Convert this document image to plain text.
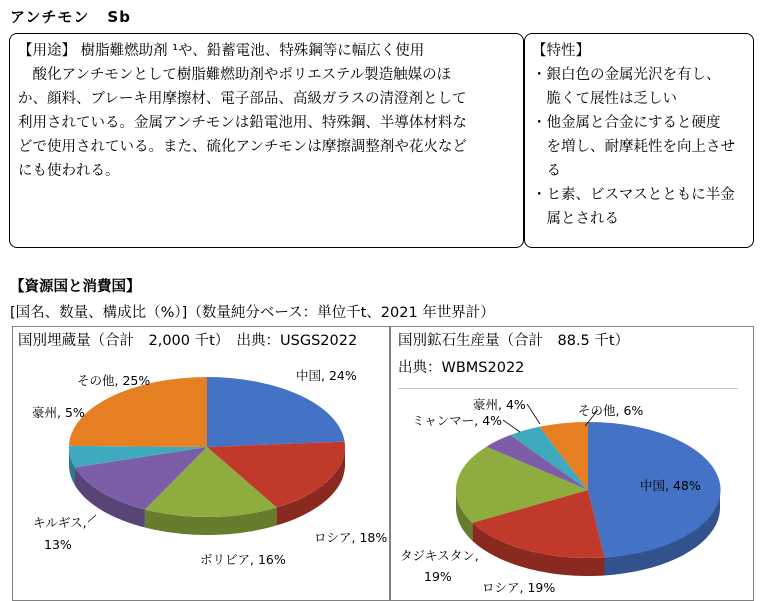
アンチモン Sb
【用途】 樹脂難燃助剤 ¹や、鉛蓄電池、特殊鋼等に幅広く使用
　酸化アンチモンとして樹脂難燃助剤やポリエステル製造触媒のほ
か、顔料、ブレーキ用摩擦材、電子部品、高級ガラスの清澄剤として
利用されている。金属アンチモンは鉛電池用、特殊鋼、半導体材料な
どで使用されている。また、硫化アンチモンは摩擦調整剤や花火など
にも使われる。
【特性】
・銀白色の金属光沢を有し、
　脆くて展性は乏しい
・他金属と合金にすると硬度
　を増し、耐摩耗性を向上させ
　る
・ヒ素、ビスマスとともに半金
　属とされる
【資源国と消費国】
[国名、数量、構成比（%）]（数量純分ベース：単位千t、2021 年世界計）
国別埋蔵量（合計　2,000 千t）　出典：USGS2022	国別鉱石生産量（合計　88.5 千t）
出典：WBMS2022
中国, 24%
ロシア, 18%
ボリビア, 16%
キルギス,
13%
豪州, 5%
その他, 25%
中国, 48%
ロシア, 19%
タジキスタン,
19%
ミャンマー, 4%
豪州, 4%	その他, 6%
